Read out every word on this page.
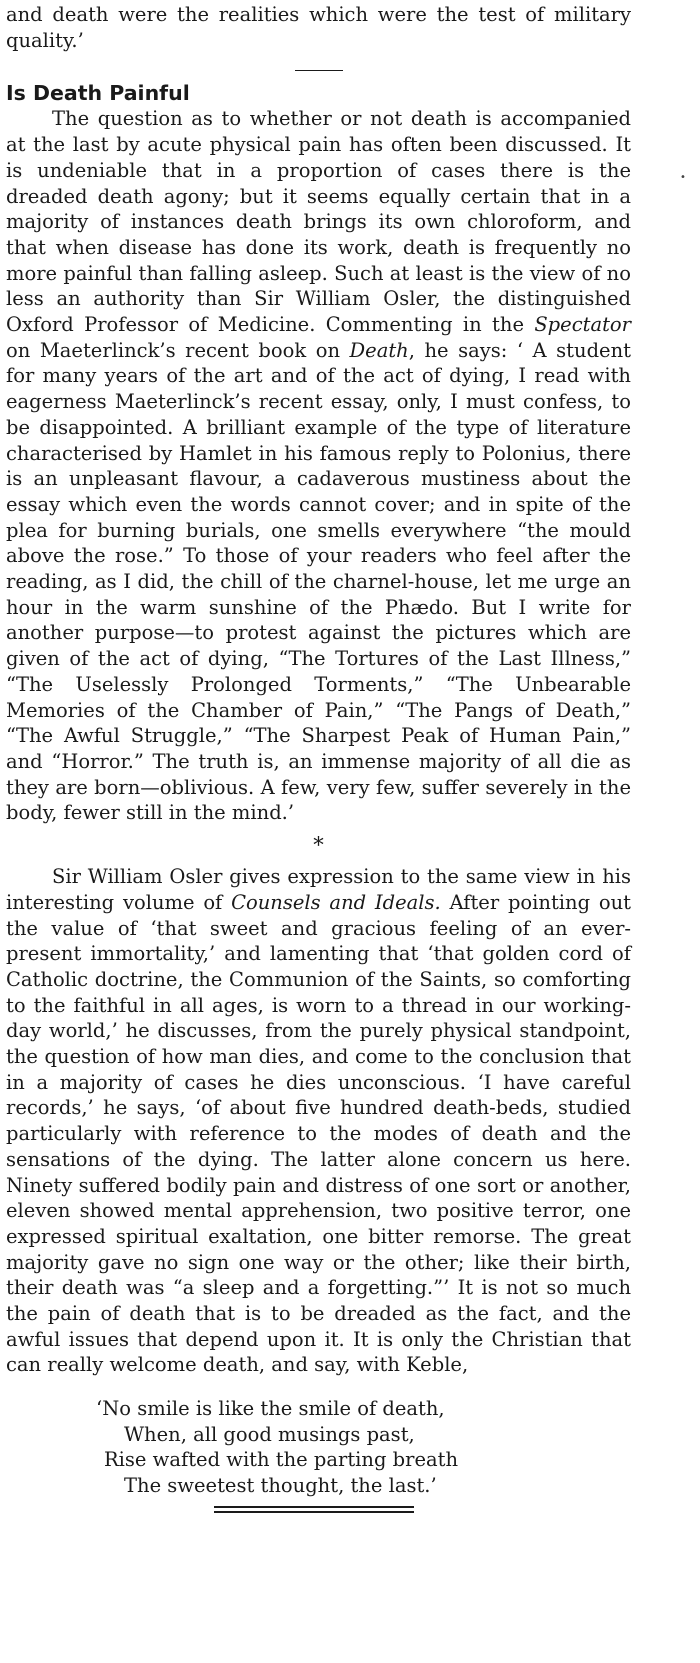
and death were the realities which were the test of military quality.’

Is Death Painful

The question as to whether or not death is accompanied at the last by acute physical pain has often been discussed. It is undeniable that in a proportion of cases there is the dreaded death agony; but it seems equally certain that in a majority of instances death brings its own chloroform, and that when disease has done its work, death is frequently no more painful than falling asleep. Such at least is the view of no less an authority than Sir William Osler, the distinguished Oxford Professor of Medicine. Commenting in the Spectator on Maeterlinck’s recent book on Death, he says: ‘ A student for many years of the art and of the act of dying, I read with eagerness Maeterlinck’s recent essay, only, I must confess, to be disappointed. A brilliant example of the type of literature characterised by Hamlet in his famous reply to Polonius, there is an unpleasant flavour, a cadaverous mustiness about the essay which even the words cannot cover; and in spite of the plea for burning burials, one smells everywhere “the mould above the rose.” To those of your readers who feel after the reading, as I did, the chill of the charnel-house, let me urge an hour in the warm sunshine of the Phædo. But I write for another purpose—to protest against the pictures which are given of the act of dying, “The Tortures of the Last Illness,” “The Uselessly Prolonged Torments,” “The Unbearable Memories of the Chamber of Pain,” “The Pangs of Death,” “The Awful Struggle,” “The Sharpest Peak of Human Pain,” and “Horror.” The truth is, an immense majority of all die as they are born—oblivious. A few, very few, suffer severely in the body, fewer still in the mind.’

*

Sir William Osler gives expression to the same view in his interesting volume of Counsels and Ideals. After pointing out the value of ‘that sweet and gracious feeling of an ever-present immortality,’ and lamenting that ‘that golden cord of Catholic doctrine, the Communion of the Saints, so comforting to the faithful in all ages, is worn to a thread in our working-day world,’ he discusses, from the purely physical standpoint, the question of how man dies, and come to the conclusion that in a majority of cases he dies unconscious. ‘I have careful records,’ he says, ‘of about five hundred death-beds, studied particularly with reference to the modes of death and the sensations of the dying. The latter alone concern us here. Ninety suffered bodily pain and distress of one sort or another, eleven showed mental apprehension, two positive terror, one expressed spiritual exaltation, one bitter remorse. The great majority gave no sign one way or the other; like their birth, their death was “a sleep and a forgetting.”’ It is not so much the pain of death that is to be dreaded as the fact, and the awful issues that depend upon it. It is only the Christian that can really welcome death, and say, with Keble,

‘No smile is like the smile of death,
When, all good musings past,
Rise wafted with the parting breath
The sweetest thought, the last.’
•
